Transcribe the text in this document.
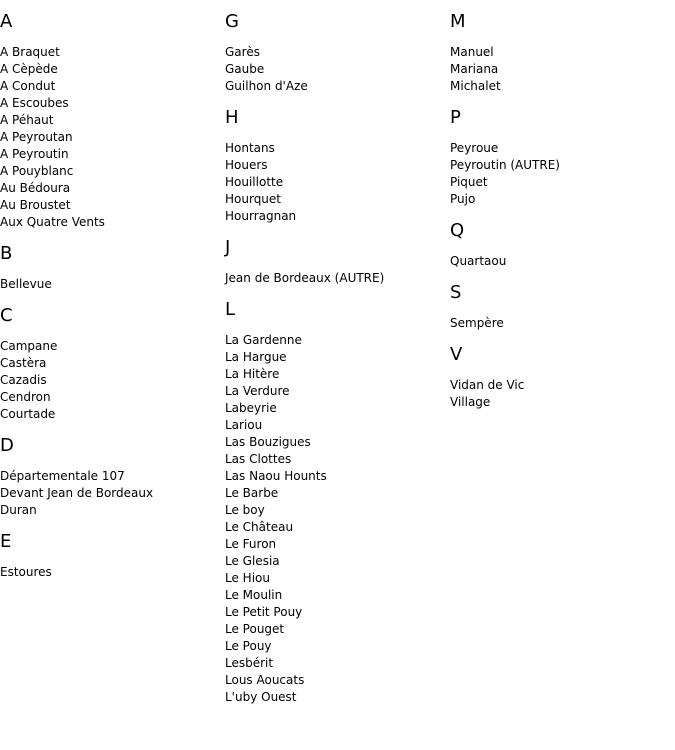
A
A Braquet
A Cèpède
A Condut
A Escoubes
A Péhaut
A Peyroutan
A Peyroutin
A Pouyblanc
Au Bédoura
Au Broustet
Aux Quatre Vents
B
Bellevue
C
Campane
Castèra
Cazadis
Cendron
Courtade
D
Départementale 107
Devant Jean de Bordeaux
Duran
E
Estoures
G
Garès
Gaube
Guilhon d'Aze
H
Hontans
Houers
Houillotte
Hourquet
Hourragnan
J
Jean de Bordeaux (AUTRE)
L
La Gardenne
La Hargue
La Hitère
La Verdure
Labeyrie
Lariou
Las Bouzigues
Las Clottes
Las Naou Hounts
Le Barbe
Le boy
Le Château
Le Furon
Le Glesia
Le Hiou
Le Moulin
Le Petit Pouy
Le Pouget
Le Pouy
Lesbérit
Lous Aoucats
L'uby Ouest
M
Manuel
Mariana
Michalet
P
Peyroue
Peyroutin (AUTRE)
Piquet
Pujo
Q
Quartaou
S
Sempère
V
Vidan de Vic
Village
